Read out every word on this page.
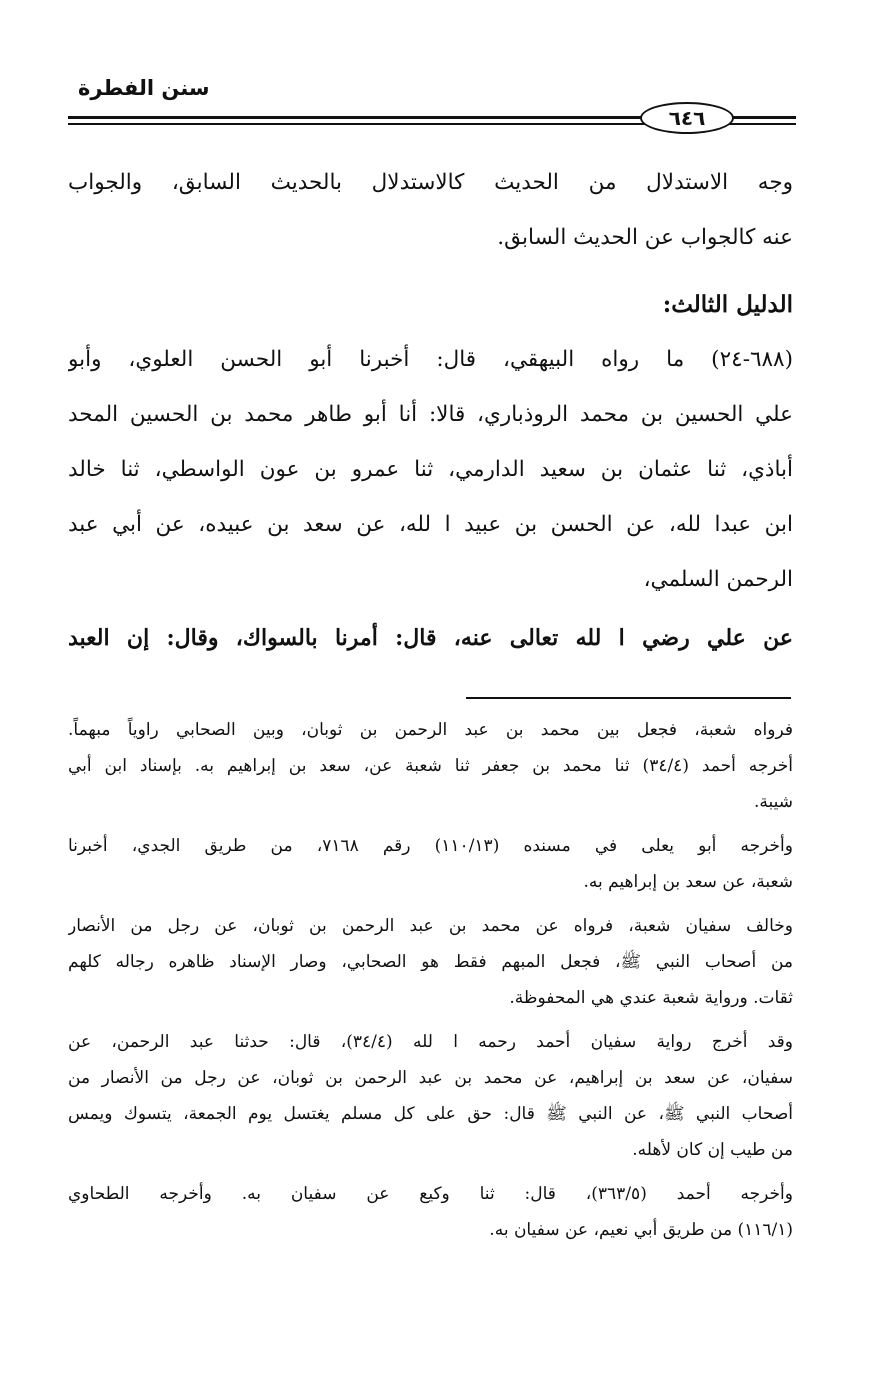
سنن الفطرة
٦٤٦
وجه الاستدلال من الحديث كالاستدلال بالحديث السابق، والجواب
عنه كالجواب عن الحديث السابق.
الدليل الثالث:
(٦٨٨-٢٤) ما رواه البيهقي، قال: أخبرنا أبو الحسن العلوي، وأبو
علي الحسين بن محمد الروذباري، قالا: أنا أبو طاهر محمد بن الحسين المحد
أباذي، ثنا عثمان بن سعيد الدارمي، ثنا عمرو بن عون الواسطي، ثنا خالد
ابن عبدا لله، عن الحسن بن عبيد ا لله، عن سعد بن عبيده، عن أبي عبد
الرحمن السلمي،
عن علي رضي ا لله تعالى عنه، قال: أمرنا بالسواك، وقال: إن العبد
فرواه شعبة، فجعل بين محمد بن عبد الرحمن بن ثوبان، وبين الصحابي راوياً مبهماً.
أخرجه أحمد (٣٤/٤) ثنا محمد بن جعفر ثنا شعبة عن، سعد بن إبراهيم به. بإسناد ابن أبي
شيبة.
وأخرجه أبو يعلى في مسنده (١١٠/١٣) رقم ٧١٦٨، من طريق الجدي، أخبرنا
شعبة، عن سعد بن إبراهيم به.
وخالف سفيان شعبة، فرواه عن محمد بن عبد الرحمن بن ثوبان، عن رجل من الأنصار
من أصحاب النبي ﷺ، فجعل المبهم فقط هو الصحابي، وصار الإسناد ظاهره رجاله كلهم
ثقات. ورواية شعبة عندي هي المحفوظة.
وقد أخرج رواية سفيان أحمد رحمه ا لله (٣٤/٤)، قال: حدثنا عبد الرحمن، عن
سفيان، عن سعد بن إبراهيم، عن محمد بن عبد الرحمن بن ثوبان، عن رجل من الأنصار من
أصحاب النبي ﷺ، عن النبي ﷺ قال: حق على كل مسلم يغتسل يوم الجمعة، يتسوك ويمس
من طيب إن كان لأهله.
وأخرجه أحمد (٣٦٣/٥)، قال: ثنا وكيع عن سفيان به. وأخرجه الطحاوي
(١١٦/١) من طريق أبي نعيم، عن سفيان به.
